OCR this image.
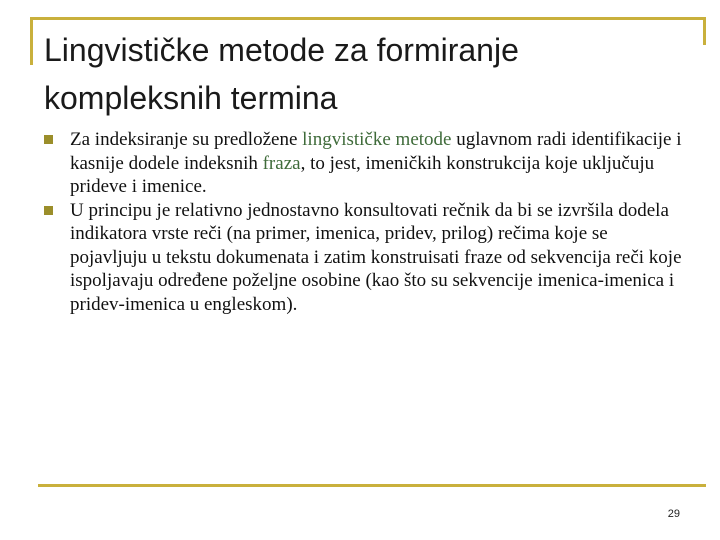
Lingvističke metode za formiranje kompleksnih termina
Za indeksiranje su predložene lingvističke metode uglavnom radi identifikacije i kasnije dodele indeksnih fraza, to jest, imeničkih konstrukcija koje uključuju prideve i imenice.
U principu je relativno jednostavno konsultovati rečnik da bi se izvršila dodela indikatora vrste reči (na primer, imenica, pridev, prilog) rečima koje se pojavljuju u tekstu dokumenata i zatim konstruisati fraze od sekvencija reči koje ispoljavaju određene poželjne osobine (kao što su sekvencije imenica-imenica i pridev-imenica u engleskom).
29
